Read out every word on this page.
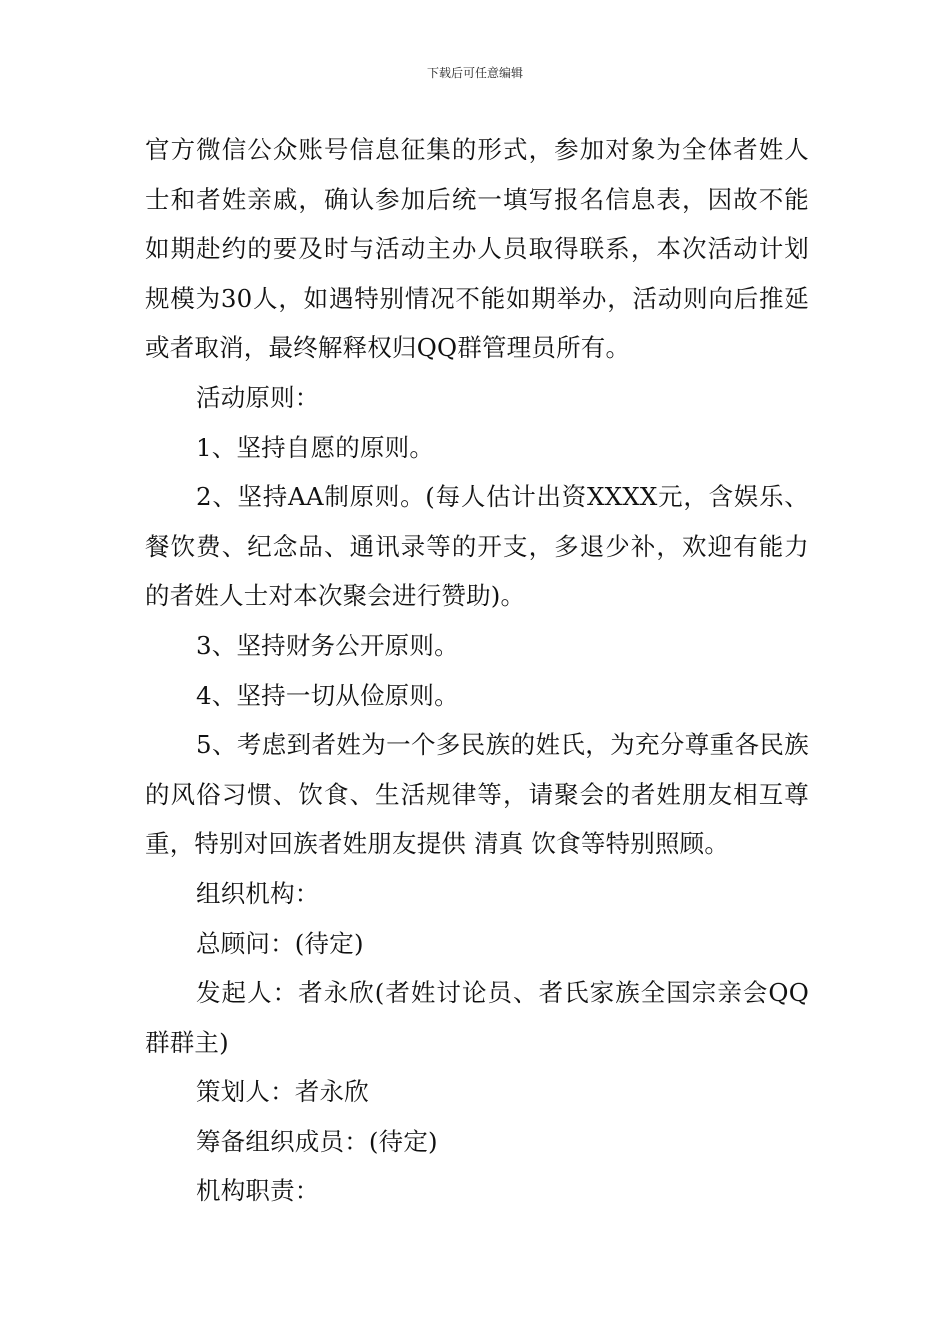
下载后可任意编辑

官方微信公众账号信息征集的形式，参加对象为全体者姓人士和者姓亲戚，确认参加后统一填写报名信息表，因故不能如期赴约的要及时与活动主办人员取得联系，本次活动计划规模为30人，如遇特别情况不能如期举办，活动则向后推延或者取消，最终解释权归QQ群管理员所有。

活动原则：

1、坚持自愿的原则。

2、坚持AA制原则。(每人估计出资XXXX元，含娱乐、餐饮费、纪念品、通讯录等的开支，多退少补，欢迎有能力的者姓人士对本次聚会进行赞助)。

3、坚持财务公开原则。

4、坚持一切从俭原则。

5、考虑到者姓为一个多民族的姓氏，为充分尊重各民族的风俗习惯、饮食、生活规律等，请聚会的者姓朋友相互尊重，特别对回族者姓朋友提供 清真 饮食等特别照顾。

组织机构：

总顾问：(待定)

发起人：者永欣(者姓讨论员、者氏家族全国宗亲会QQ群群主)

策划人：者永欣

筹备组织成员：(待定)

机构职责：
